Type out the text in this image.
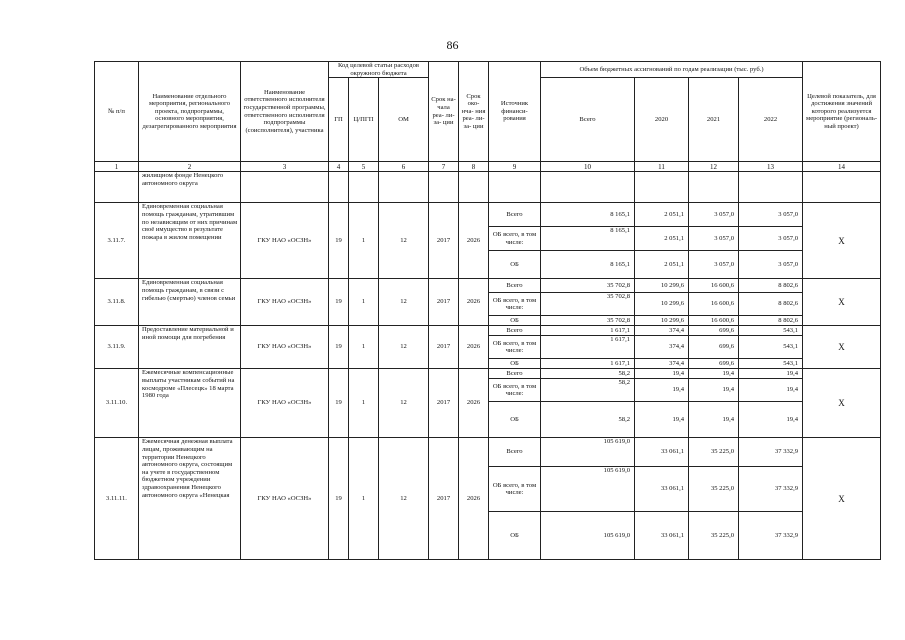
86
№ п/п	Наименование отдельного мероприятия, регионального проекта, подпрограммы, основного мероприятия, дезагрегированного мероприятия	Наименование ответственного исполнителя государственной программы, ответственного исполнителя подпрограммы (соисполнителя), участника	Код целевой статьи расходов окружного бюджета			Срок на- чала реа- ли- за- ции	Срок око- нча- ния реа- ли- за- ции	Источник финанси- рования	Объем бюджетных ассигнований по годам реализации (тыс. руб.)				Целевой показатель, для достижения значений которого реализуется мероприятие (региональ- ный проект)
			ГП	Ц/ПГП	ОМ				Всего	2020	2021	2022	
1	2	3	4	5	6	7	8	9	10	11	12	13	14
	жилищном фонде Ненецкого автономного округа												
3.11.7.	Единовременная социальная помощь гражданам, утратившим по независящим от них причинам своё имущество в результате пожара в жилом помещении	ГКУ НАО «ОСЗН»	19	1	12	2017	2026	Всего	8 165,1	2 051,1	3 057,0	3 057,0	Х
								ОБ всего, в том числе:	8 165,1	2 051,1	3 057,0	3 057,0	
								ОБ	8 165,1	2 051,1	3 057,0	3 057,0	
3.11.8.	Единовременная социальная помощь гражданам, в связи с гибелью (смертью) членов семьи	ГКУ НАО «ОСЗН»	19	1	12	2017	2026	Всего	35 702,8	10 299,6	16 600,6	8 802,6	Х
								ОБ всего, в том числе:	35 702,8	10 299,6	16 600,6	8 802,6	
								ОБ	35 702,8	10 299,6	16 600,6	8 802,6	
3.11.9.	Предоставление материальной и иной помощи для погребения	ГКУ НАО «ОСЗН»	19	1	12	2017	2026	Всего	1 617,1	374,4	699,6	543,1	Х
								ОБ всего, в том числе:	1 617,1	374,4	699,6	543,1	
								ОБ	1 617,1	374,4	699,6	543,1	
3.11.10.	Ежемесячные компенсационные выплаты участникам событий на космодроме «Плесецк» 18 марта 1980 года	ГКУ НАО «ОСЗН»	19	1	12	2017	2026	Всего	58,2	19,4	19,4	19,4	Х
								ОБ всего, в том числе:	58,2	19,4	19,4	19,4	
								ОБ	58,2	19,4	19,4	19,4	
3.11.11.	Ежемесячная денежная выплата лицам, проживающим на территории Ненецкого автономного округа, состоящим на учете в государственном бюджетном учреждении здравоохранения Ненецкого автономного округа «Ненецкая	ГКУ НАО «ОСЗН»	19	1	12	2017	2026	Всего	105 619,0	33 061,1	35 225,0	37 332,9	Х
								ОБ всего, в том числе:	105 619,0	33 061,1	35 225,0	37 332,9	
								ОБ	105 619,0	33 061,1	35 225,0	37 332,9	
